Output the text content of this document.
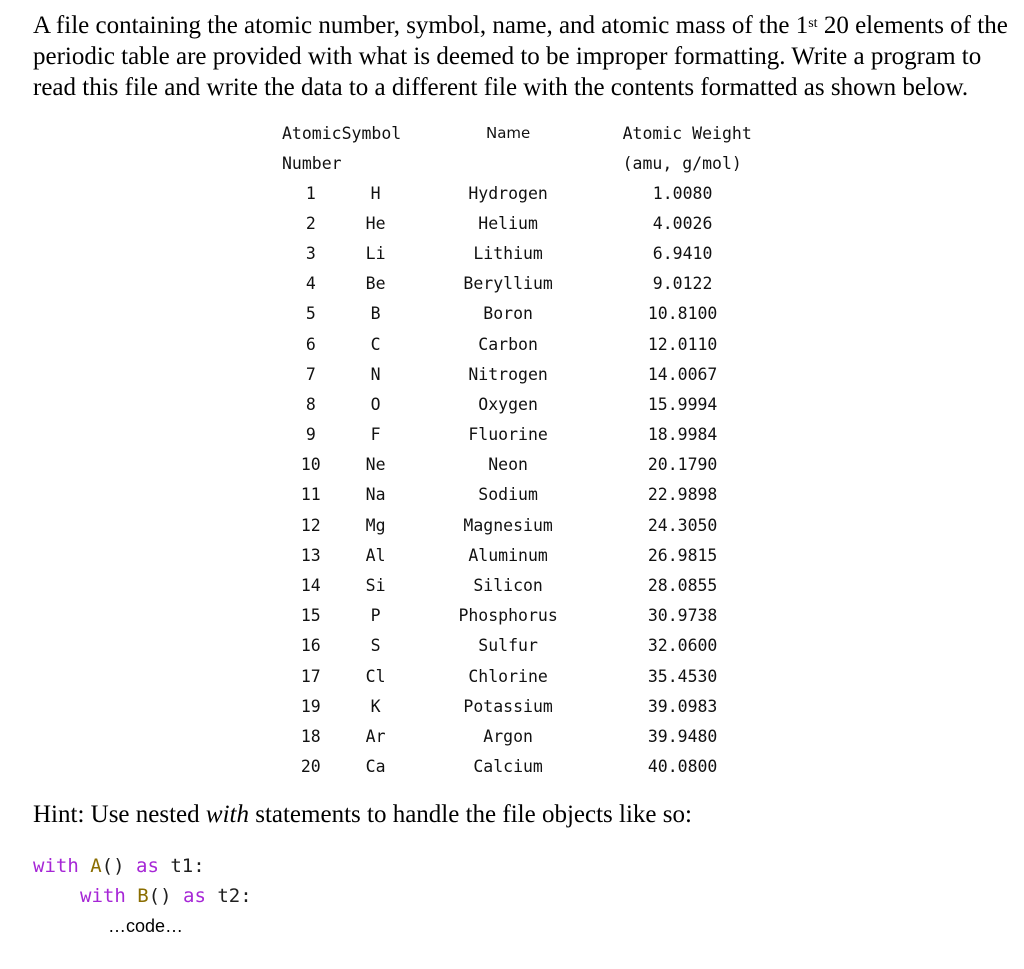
A file containing the atomic number, symbol, name, and atomic mass of the 1st 20 elements of the periodic table are provided with what is deemed to be improper formatting. Write a program to read this file and write the data to a different file with the contents formatted as shown below.

Atomic	Symbol	Name	Atomic Weight
Number			(amu, g/mol)
1	H	Hydrogen	1.0080
2	He	Helium	4.0026
3	Li	Lithium	6.9410
4	Be	Beryllium	9.0122
5	B	Boron	10.8100
6	C	Carbon	12.0110
7	N	Nitrogen	14.0067
8	O	Oxygen	15.9994
9	F	Fluorine	18.9984
10	Ne	Neon	20.1790
11	Na	Sodium	22.9898
12	Mg	Magnesium	24.3050
13	Al	Aluminum	26.9815
14	Si	Silicon	28.0855
15	P	Phosphorus	30.9738
16	S	Sulfur	32.0600
17	Cl	Chlorine	35.4530
19	K	Potassium	39.0983
18	Ar	Argon	39.9480
20	Ca	Calcium	40.0800

Hint: Use nested with statements to handle the file objects like so:

with A() as t1:
with B() as t2:
…code…
